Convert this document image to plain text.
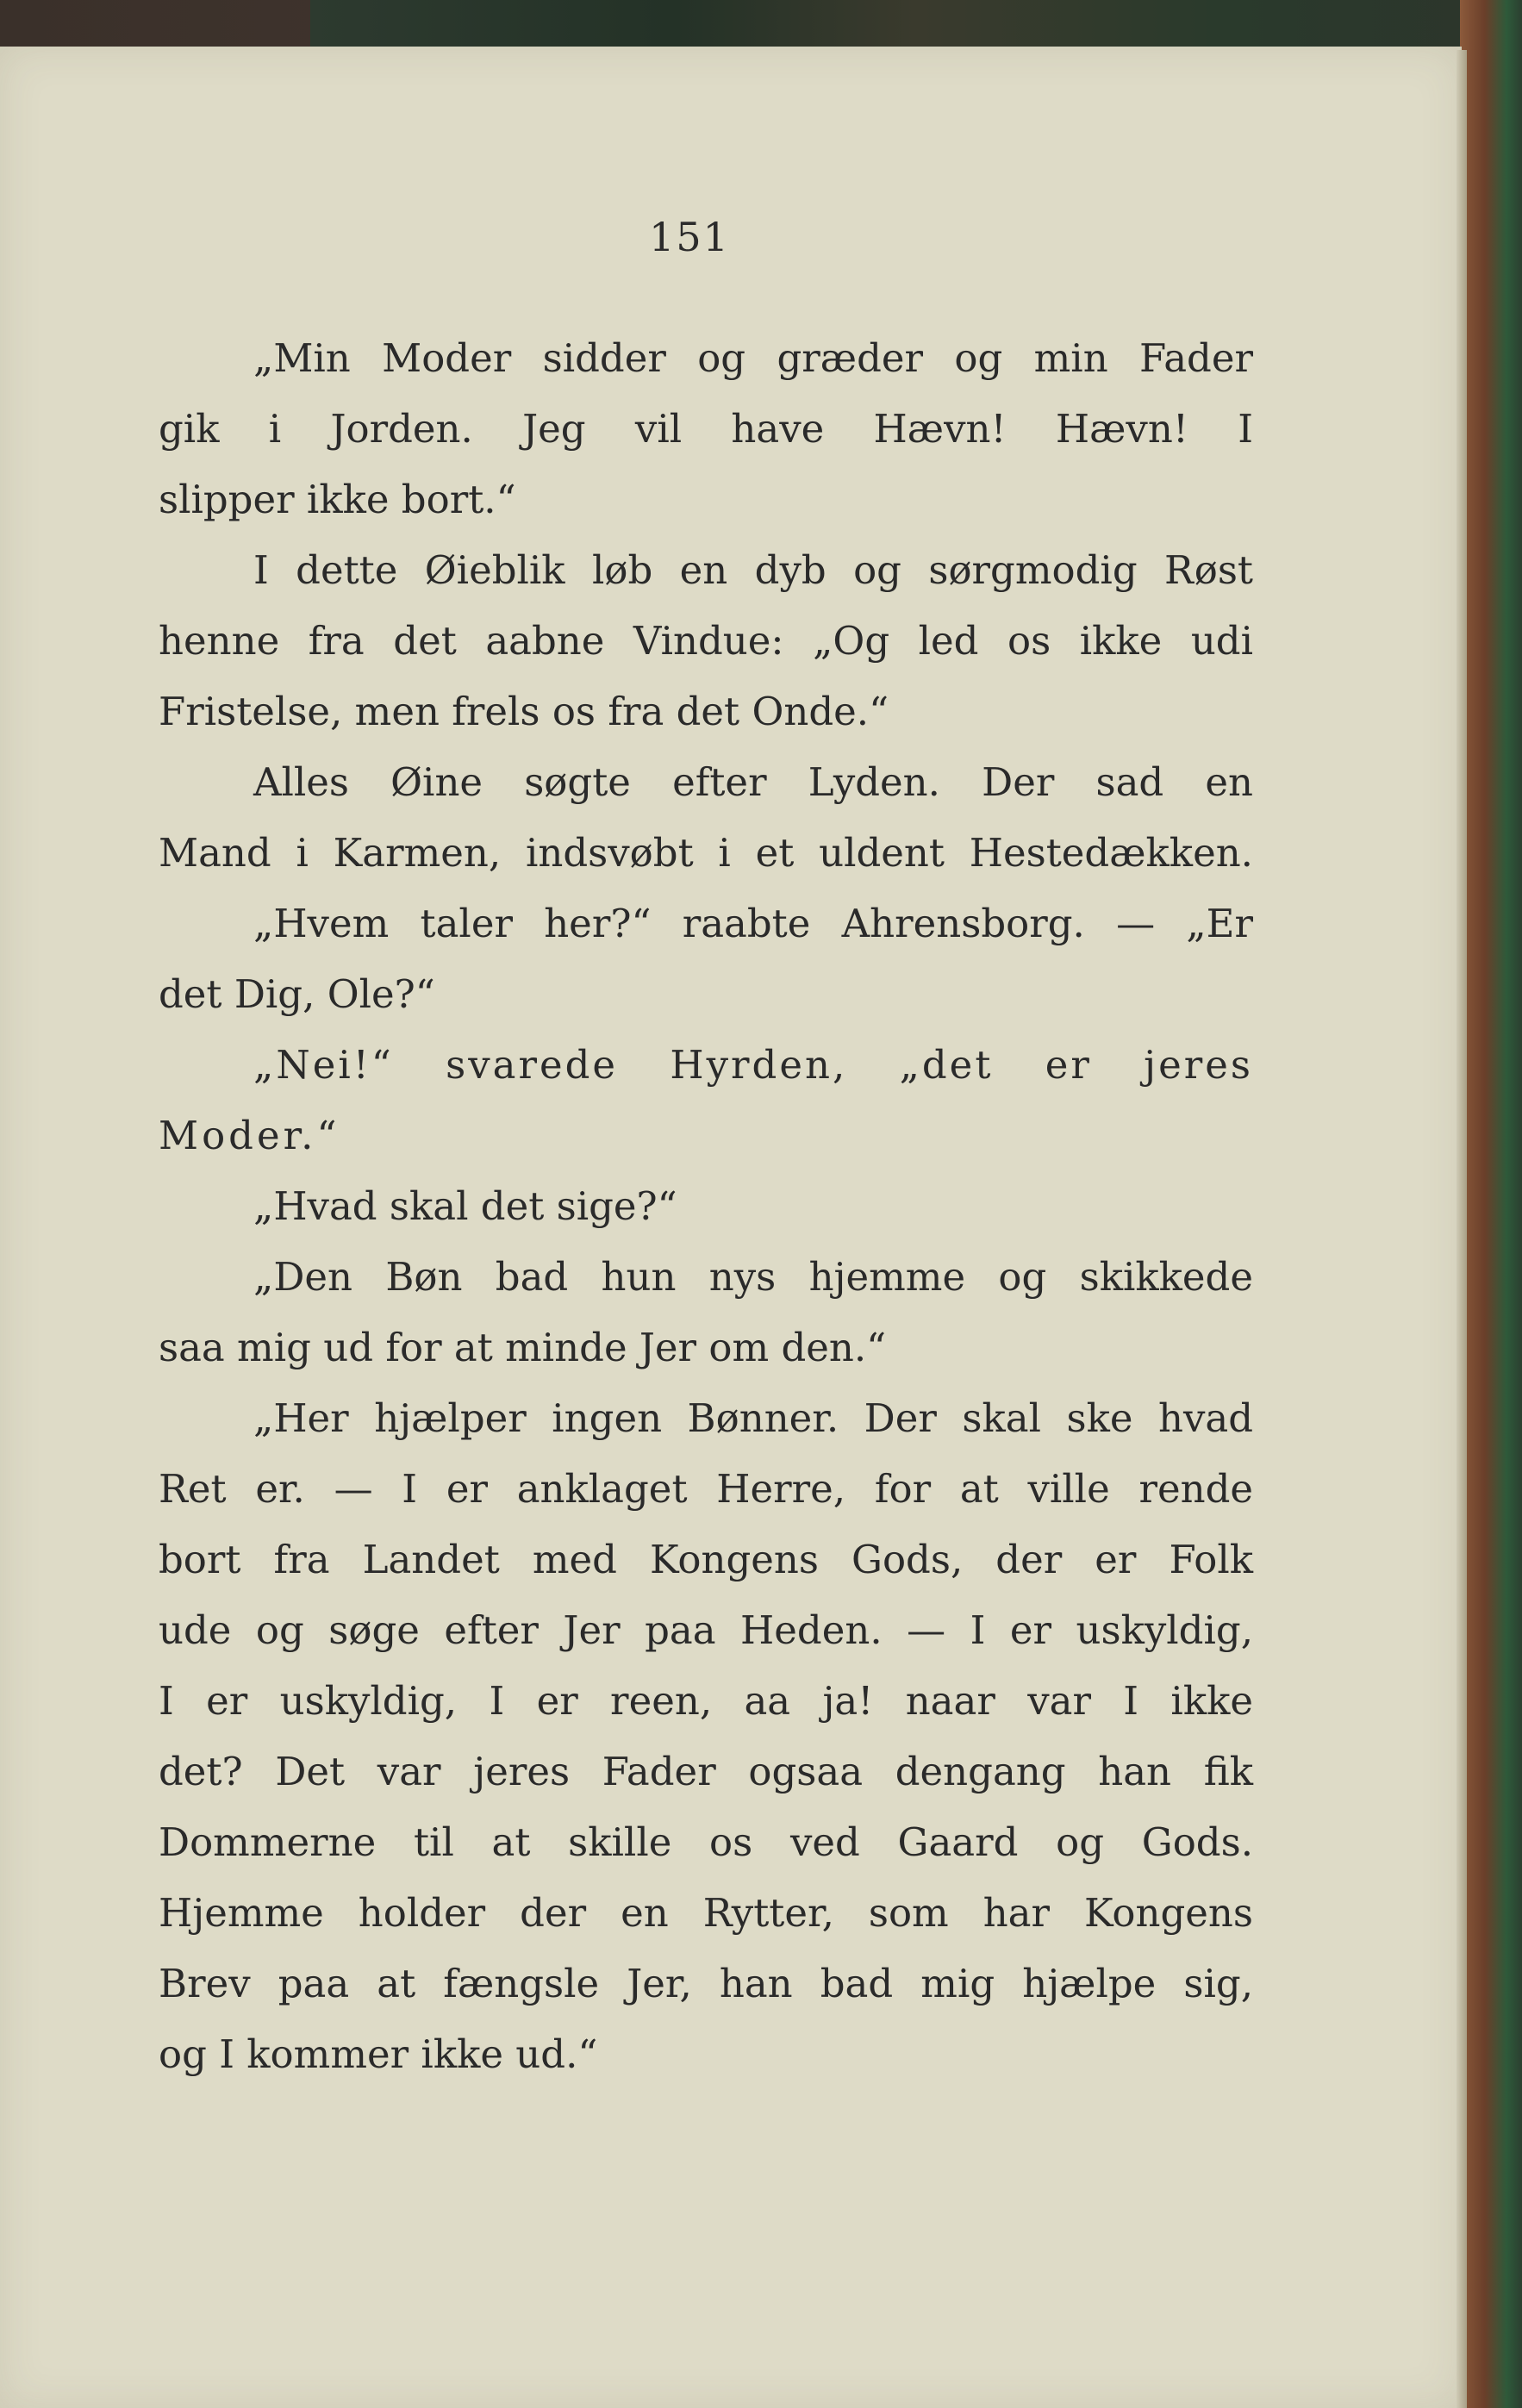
151
„Min Moder sidder og græder og min Fader
gik i Jorden. Jeg vil have Hævn! Hævn! I
slipper ikke bort.“
I dette Øieblik løb en dyb og sørgmodig Røst
henne fra det aabne Vindue: „Og led os ikke udi
Fristelse, men frels os fra det Onde.“
Alles Øine søgte efter Lyden. Der sad en
Mand i Karmen, indsvøbt i et uldent Hestedækken.
„Hvem taler her?“ raabte Ahrensborg. — „Er
det Dig, Ole?“
„Nei!“ svarede Hyrden, „det er jeres
Moder.“
„Hvad skal det sige?“
„Den Bøn bad hun nys hjemme og skikkede
saa mig ud for at minde Jer om den.“
„Her hjælper ingen Bønner. Der skal ske hvad
Ret er. — I er anklaget Herre, for at ville rende
bort fra Landet med Kongens Gods, der er Folk
ude og søge efter Jer paa Heden. — I er uskyldig,
I er uskyldig, I er reen, aa ja! naar var I ikke
det? Det var jeres Fader ogsaa dengang han fik
Dommerne til at skille os ved Gaard og Gods.
Hjemme holder der en Rytter, som har Kongens
Brev paa at fængsle Jer, han bad mig hjælpe sig,
og I kommer ikke ud.“
